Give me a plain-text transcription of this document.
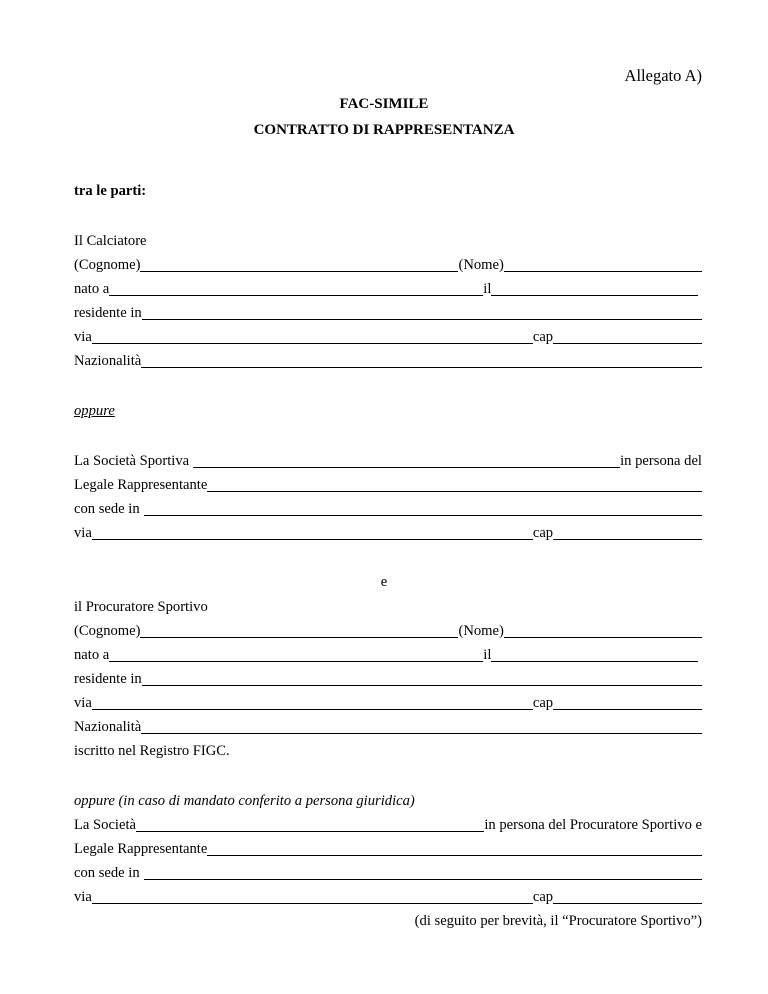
Allegato A)
FAC-SIMILE
CONTRATTO DI RAPPRESENTANZA
tra le parti:
Il Calciatore
(Cognome)	(Nome)
nato a	il
residente in
via	cap
Nazionalità
oppure
La Società Sportiva	in persona del
Legale Rappresentante
con sede in
via	cap
e
il Procuratore Sportivo
(Cognome)	(Nome)
nato a	il
residente in
via	cap
Nazionalità
iscritto nel Registro FIGC.
oppure (in caso di mandato conferito a persona giuridica)
La Società	in persona del Procuratore Sportivo e
Legale Rappresentante
con sede in
via	cap
(di seguito per brevità, il “Procuratore Sportivo”)
